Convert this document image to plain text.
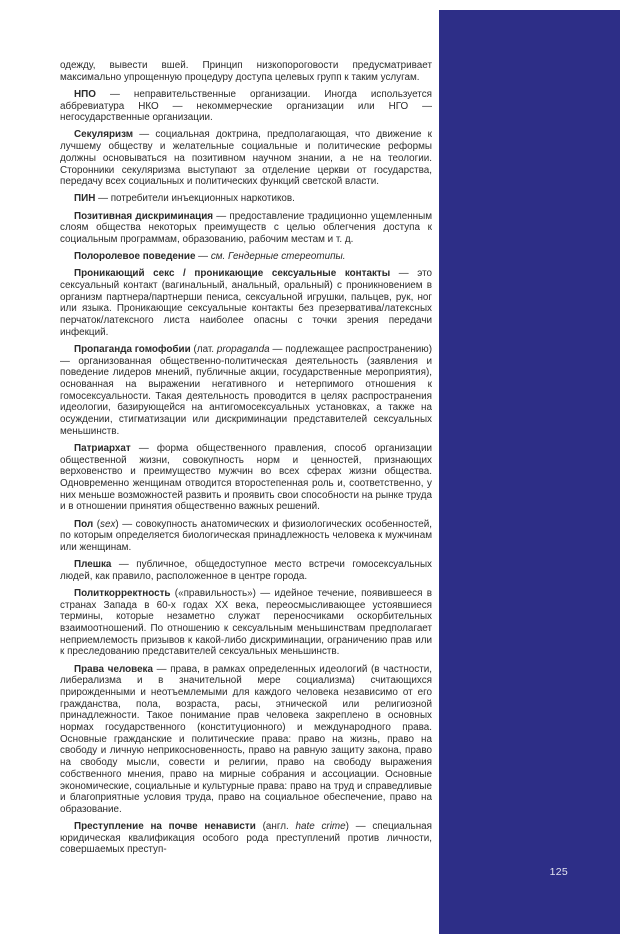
одежду, вывести вшей. Принцип низкопороговости предусматривает максимально упрощенную процедуру доступа целевых групп к таким услугам.

НПО — неправительственные организации. Иногда используется аббревиатура НКО — некоммерческие организации или НГО — негосударственные организации.

Секуляризм — социальная доктрина, предполагающая, что движение к лучшему обществу и желательные социальные и политические реформы должны основываться на позитивном научном знании, а не на теологии. Сторонники секуляризма выступают за отделение церкви от государства, передачу всех социальных и политических функций светской власти.

ПИН — потребители инъекционных наркотиков.

Позитивная дискриминация — предоставление традиционно ущемленным слоям общества некоторых преимуществ с целью облегчения доступа к социальным программам, образованию, рабочим местам и т. д.

Полоролевое поведение — см. Гендерные стереотипы.

Проникающий секс / проникающие сексуальные контакты — это сексуальный контакт (вагинальный, анальный, оральный) с проникновением в организм партнера/партнерши пениса, сексуальной игрушки, пальцев, рук, ног или языка. Проникающие сексуальные контакты без презерватива/латексных перчаток/латексного листа наиболее опасны с точки зрения передачи инфекций.

Пропаганда гомофобии (лат. propaganda — подлежащее распространению) — организованная общественно-политическая деятельность (заявления и поведение лидеров мнений, публичные акции, государственные мероприятия), основанная на выражении негативного и нетерпимого отношения к гомосексуальности. Такая деятельность проводится в целях распространения идеологии, базирующейся на антигомосексуальных установках, а также на осуждении, стигматизации или дискриминации представителей сексуальных меньшинств.

Патриархат — форма общественного правления, способ организации общественной жизни, совокупность норм и ценностей, признающих верховенство и преимущество мужчин во всех сферах жизни общества. Одновременно женщинам отводится второстепенная роль и, соответственно, у них меньше возможностей развить и проявить свои способности на рынке труда и в отношении принятия общественно важных решений.

Пол (sex) — совокупность анатомических и физиологических особенностей, по которым определяется биологическая принадлежность человека к мужчинам или женщинам.

Плешка — публичное, общедоступное место встречи гомосексуальных людей, как правило, расположенное в центре города.

Политкорректность («правильность») — идейное течение, появившееся в странах Запада в 60-х годах XX века, переосмысливающее устоявшиеся термины, которые незаметно служат переносчиками оскорбительных взаимоотношений. По отношению к сексуальным меньшинствам предполагает неприемлемость призывов к какой-либо дискриминации, ограничению прав или к преследованию представителей сексуальных меньшинств.

Права человека — права, в рамках определенных идеологий (в частности, либерализма и в значительной мере социализма) считающихся прирожденными и неотъемлемыми для каждого человека независимо от его гражданства, пола, возраста, расы, этнической или религиозной принадлежности. Такое понимание прав человека закреплено в основных нормах государственного (конституционного) и международного права. Основные гражданские и политические права: право на жизнь, право на свободу и личную неприкосновенность, право на равную защиту закона, право на свободу мысли, совести и религии, право на свободу выражения собственного мнения, право на мирные собрания и ассоциации. Основные экономические, социальные и культурные права: право на труд и справедливые и благоприятные условия труда, право на социальное обеспечение, право на образование.

Преступление на почве ненависти (англ. hate crime) — специальная юридическая квалификация особого рода преступлений против личности, совершаемых преступ-

125
